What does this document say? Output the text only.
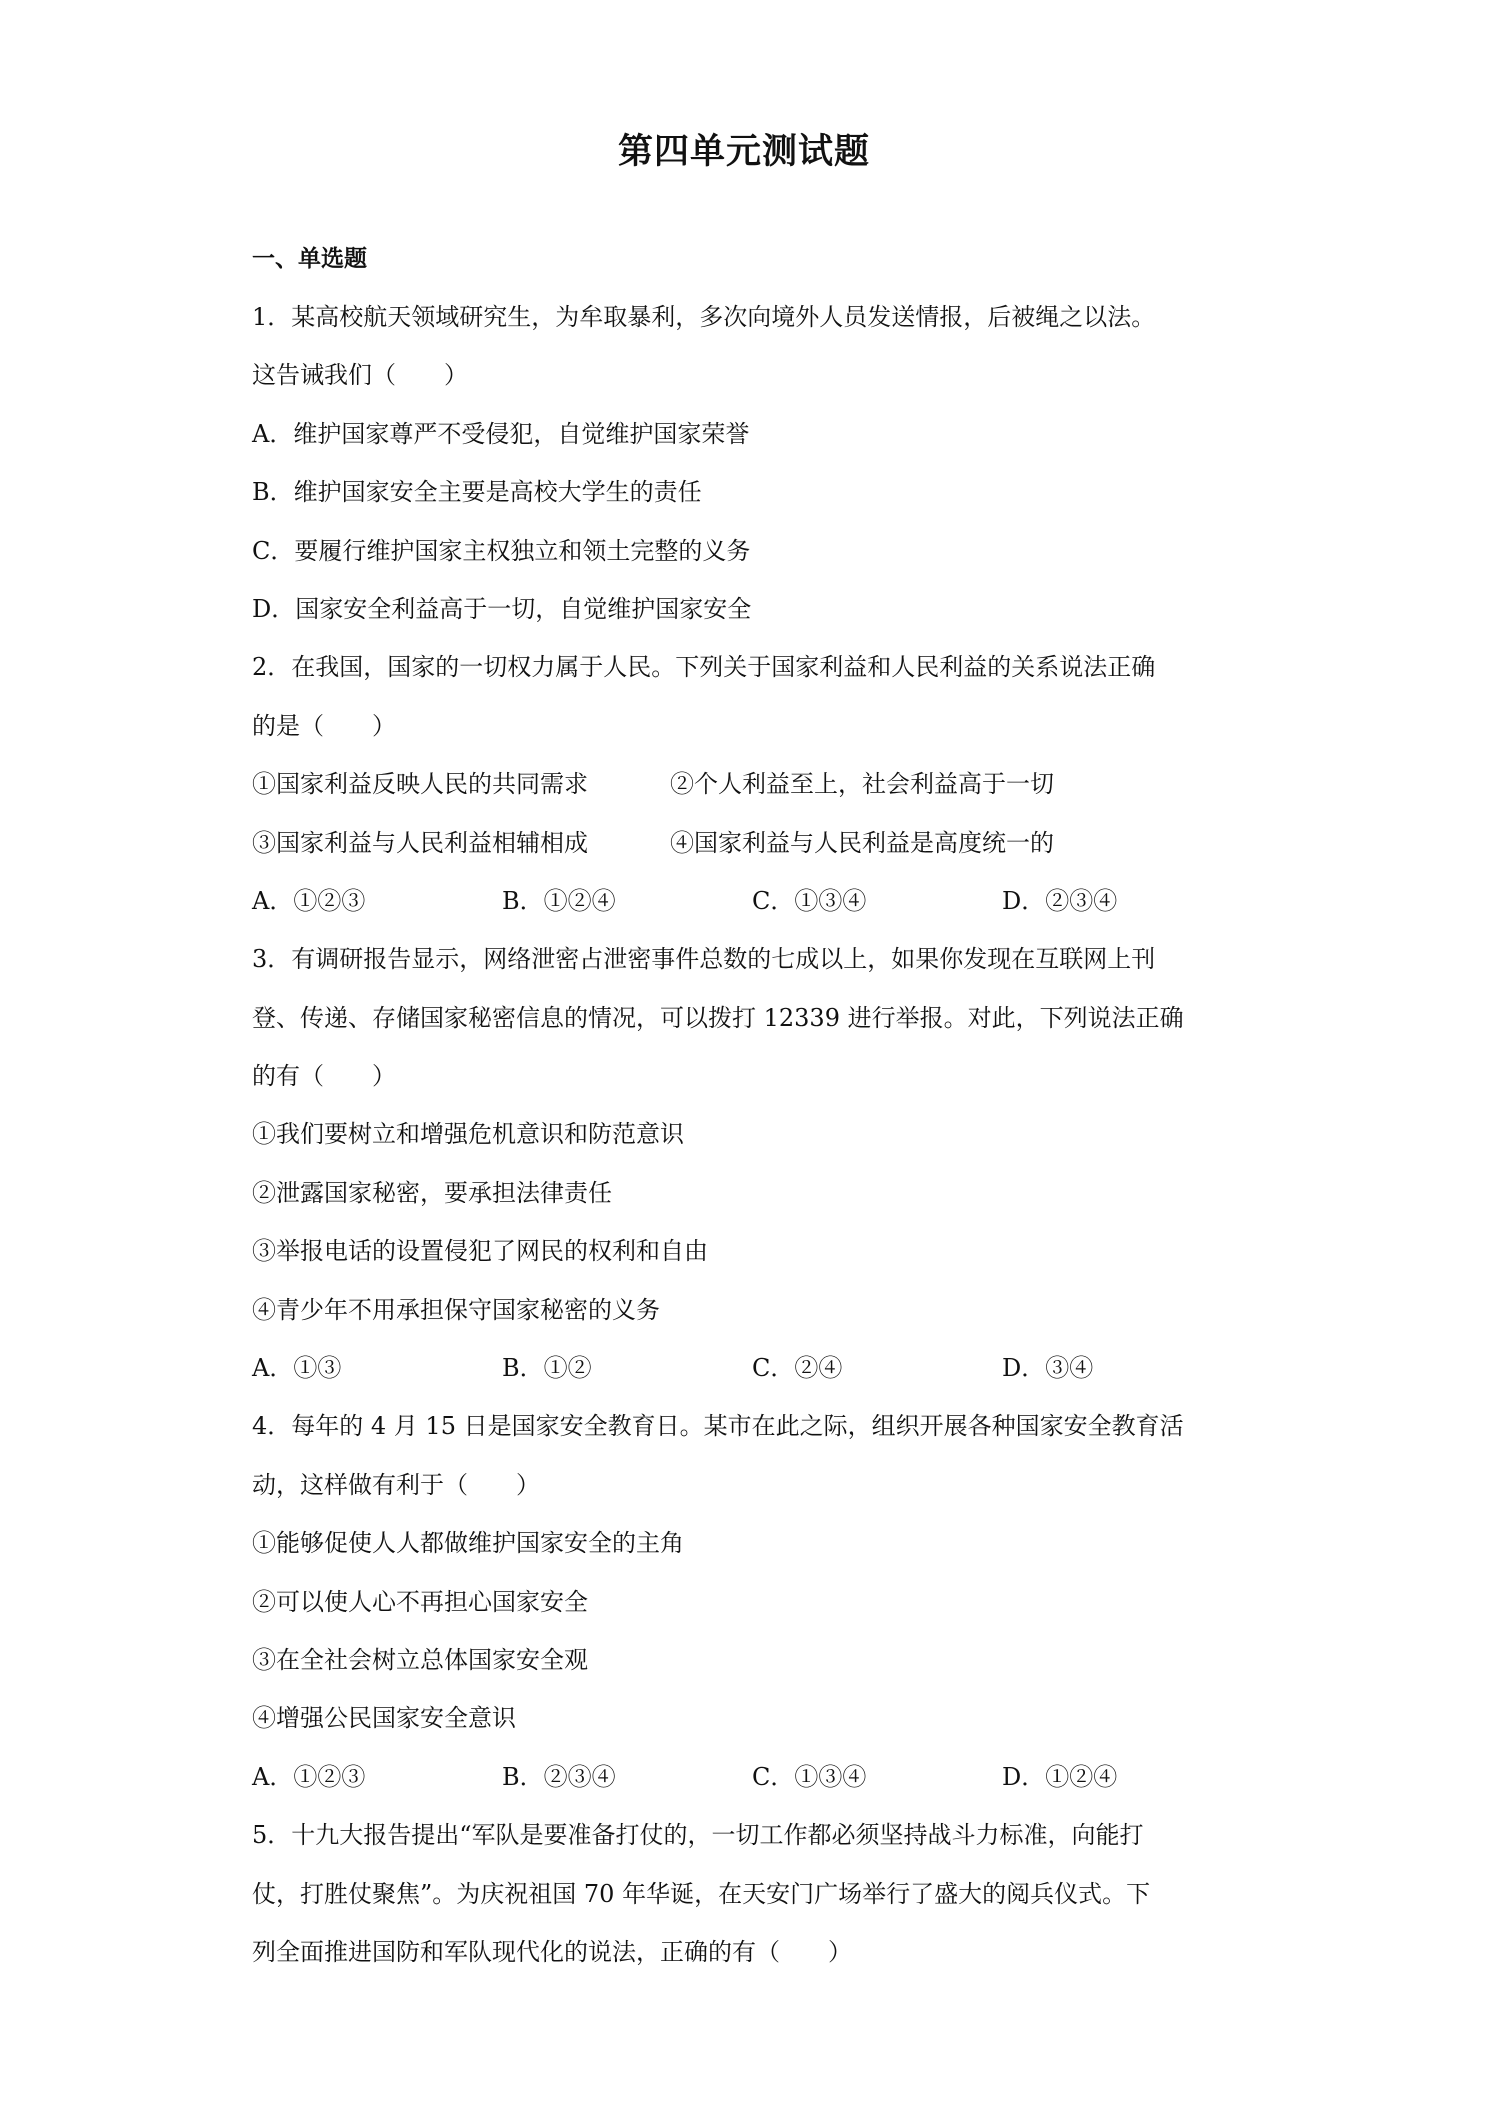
第四单元测试题
一、单选题
1．某高校航天领域研究生，为牟取暴利，多次向境外人员发送情报，后被绳之以法。
这告诫我们（　　）
A．维护国家尊严不受侵犯，自觉维护国家荣誉
B．维护国家安全主要是高校大学生的责任
C．要履行维护国家主权独立和领土完整的义务
D．国家安全利益高于一切，自觉维护国家安全
2．在我国，国家的一切权力属于人民。下列关于国家利益和人民利益的关系说法正确
的是（　　）
①国家利益反映人民的共同需求	②个人利益至上，社会利益高于一切
③国家利益与人民利益相辅相成	④国家利益与人民利益是高度统一的
A．①②③	B．①②④	C．①③④	D．②③④
3．有调研报告显示，网络泄密占泄密事件总数的七成以上，如果你发现在互联网上刊
登、传递、存储国家秘密信息的情况，可以拨打 12339 进行举报。对此，下列说法正确
的有（　　）
①我们要树立和增强危机意识和防范意识
②泄露国家秘密，要承担法律责任
③举报电话的设置侵犯了网民的权利和自由
④青少年不用承担保守国家秘密的义务
A．①③	B．①②	C．②④	D．③④
4．每年的 4 月 15 日是国家安全教育日。某市在此之际，组织开展各种国家安全教育活
动，这样做有利于（　　）
①能够促使人人都做维护国家安全的主角
②可以使人心不再担心国家安全
③在全社会树立总体国家安全观
④增强公民国家安全意识
A．①②③	B．②③④	C．①③④	D．①②④
5．十九大报告提出“军队是要准备打仗的，一切工作都必须坚持战斗力标准，向能打
仗，打胜仗聚焦”。为庆祝祖国 70 年华诞，在天安门广场举行了盛大的阅兵仪式。下
列全面推进国防和军队现代化的说法，正确的有（　　）
